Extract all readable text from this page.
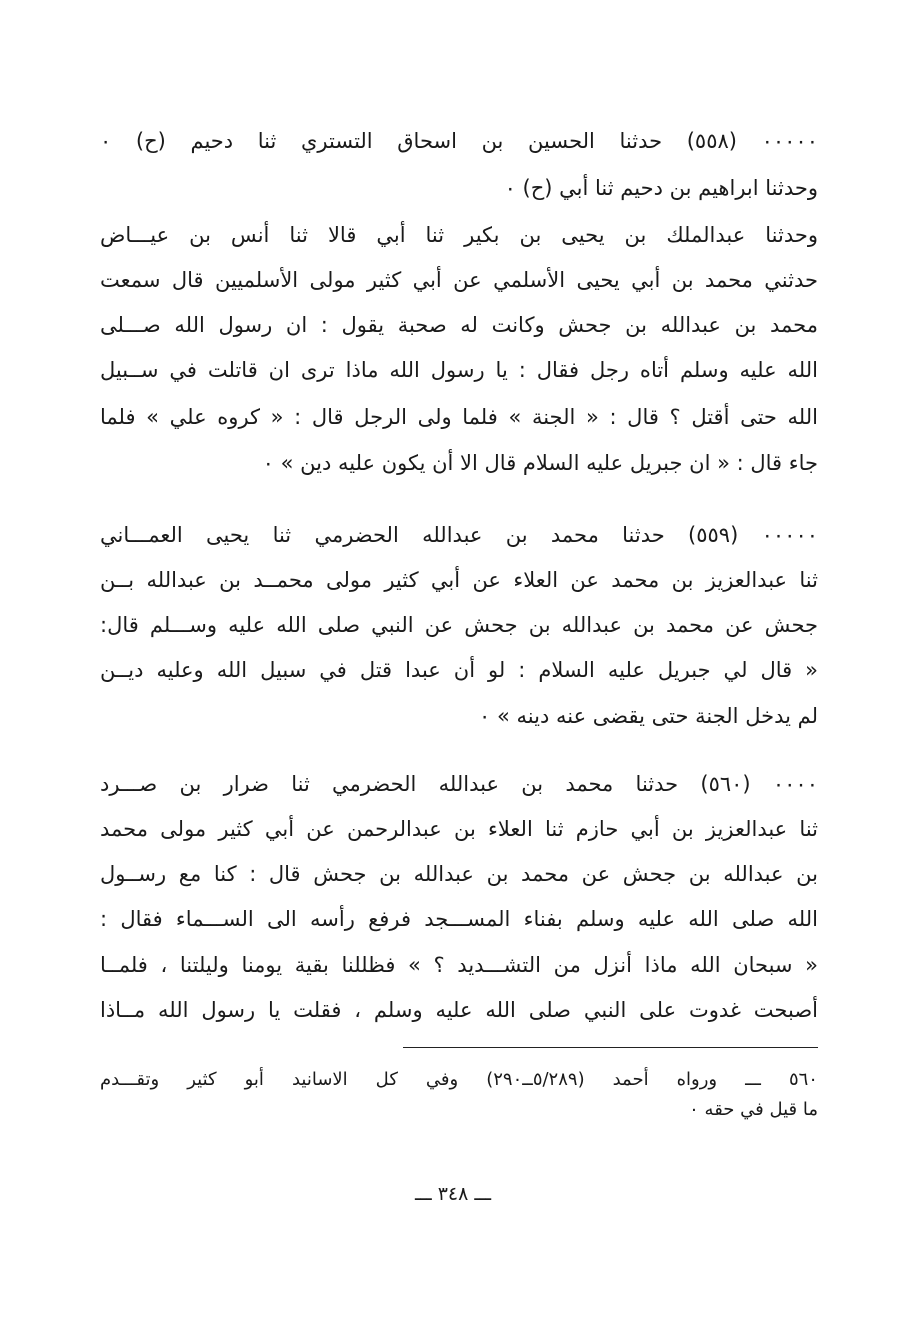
٠٠٠٠٠ (٥٥٨) حدثنا الحسين بن اسحاق التستري ثنا دحيم (ح) ٠
وحدثنا ابراهيم بن دحيم ثنا أبي (ح) ٠
وحدثنا عبدالملك بن يحيى بن بكير ثنا أبي قالا ثنا أنس بن عيـــاض
حدثني محمد بن أبي يحيى الأسلمي عن أبي كثير مولى الأسلميين قال سمعت
محمد بن عبدالله بن جحش وكانت له صحبة يقول : ان رسول الله صـــلى
الله عليه وسلم أتاه رجل فقال : يا رسول الله ماذا ترى ان قاتلت في ســبيل
الله حتى أقتل ؟ قال : « الجنة » فلما ولى الرجل قال : « كروه علي » فلما
جاء قال : « ان جبريل عليه السلام قال الا أن يكون عليه دين » ٠
٠٠٠٠٠ (٥٥٩) حدثنا محمد بن عبدالله الحضرمي ثنا يحيى العمـــاني
ثنا عبدالعزيز بن محمد عن العلاء عن أبي كثير مولى محمــد بن عبدالله بــن
جحش عن محمد بن عبدالله بن جحش عن النبي صلى الله عليه وســـلم قال:
« قال لي جبريل عليه السلام : لو أن عبدا قتل في سبيل الله وعليه ديــن
لم يدخل الجنة حتى يقضى عنه دينه » ٠
٠٠٠٠ (٥٦٠) حدثنا محمد بن عبدالله الحضرمي ثنا ضرار بن صـــرد
ثنا عبدالعزيز بن أبي حازم ثنا العلاء بن عبدالرحمن عن أبي كثير مولى محمد
بن عبدالله بن جحش عن محمد بن عبدالله بن جحش قال : كنا مع رســول
الله صلى الله عليه وسلم بفناء المســـجد فرفع رأسه الى الســـماء فقال :
« سبحان الله ماذا أنزل من التشـــديد ؟ » فظللنا بقية يومنا وليلتنا ، فلمــا
أصبحت غدوت على النبي صلى الله عليه وسلم ، فقلت يا رسول الله مــاذا
٥٦٠ ـــ ورواه أحمد (٥/٢٨٩ــ٢٩٠) وفي كل الاسانيد أبو كثير وتقـــدم
ما قيل في حقه ٠
ـــ ٣٤٨ ـــ
